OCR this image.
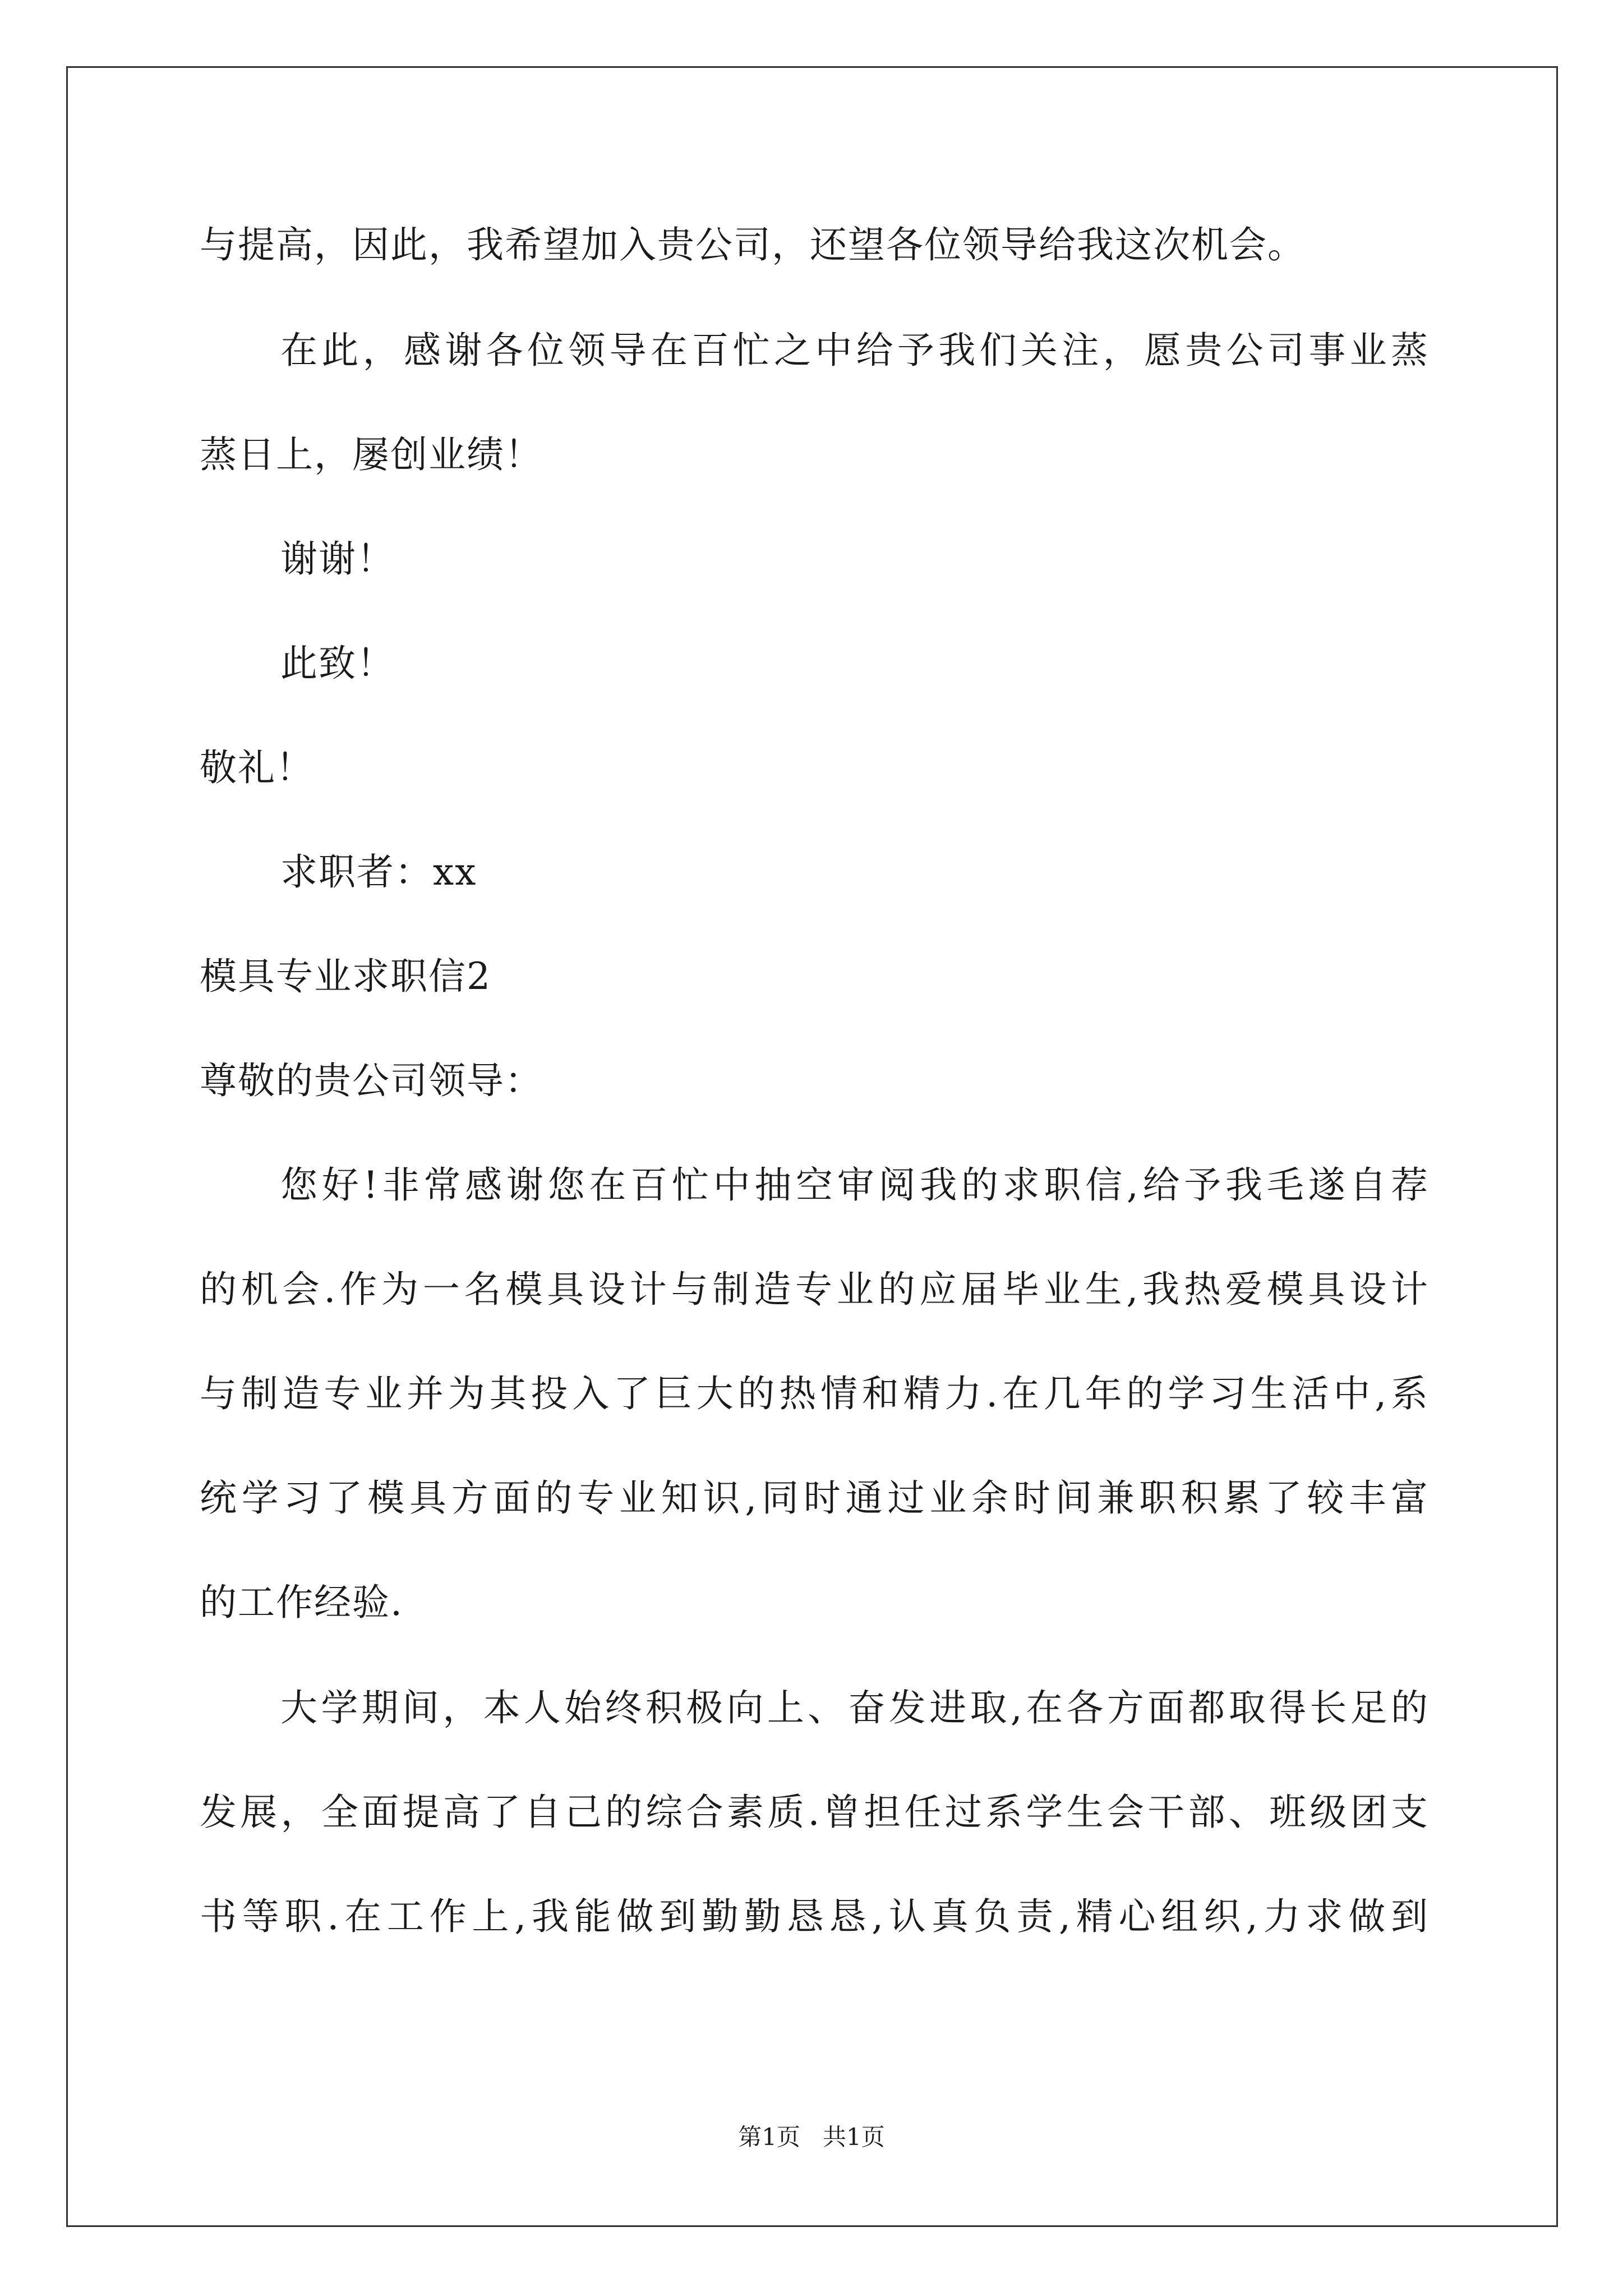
与提高，因此，我希望加入贵公司，还望各位领导给我这次机会。
在此，感谢各位领导在百忙之中给予我们关注，愿贵公司事业蒸
蒸日上，屡创业绩！
谢谢！
此致！
敬礼！
求职者：xx
模具专业求职信2
尊敬的贵公司领导：
您好!非常感谢您在百忙中抽空审阅我的求职信,给予我毛遂自荐
的机会.作为一名模具设计与制造专业的应届毕业生,我热爱模具设计
与制造专业并为其投入了巨大的热情和精力.在几年的学习生活中,系
统学习了模具方面的专业知识,同时通过业余时间兼职积累了较丰富
的工作经验.
大学期间，本人始终积极向上、奋发进取,在各方面都取得长足的
发展，全面提高了自己的综合素质.曾担任过系学生会干部、班级团支
书等职.在工作上,我能做到勤勤恳恳,认真负责,精心组织,力求做到
第1页   共1页
